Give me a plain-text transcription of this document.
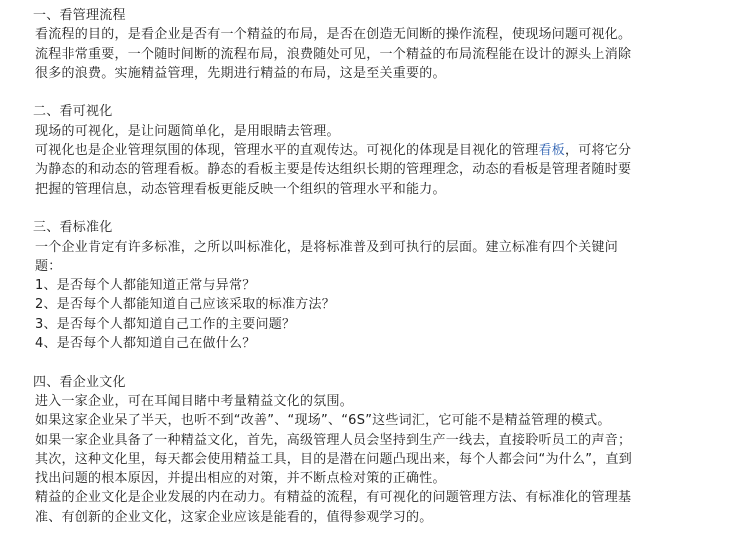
一、看管理流程
看流程的目的，是看企业是否有一个精益的布局，是否在创造无间断的操作流程，使现场问题可视化。
流程非常重要，一个随时间断的流程布局，浪费随处可见，一个精益的布局流程能在设计的源头上消除
很多的浪费。实施精益管理，先期进行精益的布局，这是至关重要的。
二、看可视化
现场的可视化，是让问题简单化，是用眼睛去管理。
可视化也是企业管理氛围的体现，管理水平的直观传达。可视化的体现是目视化的管理看板，可将它分
为静态的和动态的管理看板。静态的看板主要是传达组织长期的管理理念，动态的看板是管理者随时要
把握的管理信息，动态管理看板更能反映一个组织的管理水平和能力。
三、看标准化
一个企业肯定有许多标准，之所以叫标准化，是将标准普及到可执行的层面。建立标准有四个关键问
题：
1、是否每个人都能知道正常与异常？
2、是否每个人都能知道自己应该采取的标准方法？
3、是否每个人都知道自己工作的主要问题？
4、是否每个人都知道自己在做什么？
四、看企业文化
进入一家企业，可在耳闻目睹中考量精益文化的氛围。
如果这家企业呆了半天，也听不到“改善”、“现场”、“6S”这些词汇，它可能不是精益管理的模式。
如果一家企业具备了一种精益文化，首先，高级管理人员会坚持到生产一线去，直接聆听员工的声音；
其次，这种文化里，每天都会使用精益工具，目的是潜在问题凸现出来，每个人都会问“为什么”，直到
找出问题的根本原因，并提出相应的对策，并不断点检对策的正确性。
精益的企业文化是企业发展的内在动力。有精益的流程，有可视化的问题管理方法、有标准化的管理基
准、有创新的企业文化，这家企业应该是能看的，值得参观学习的。
